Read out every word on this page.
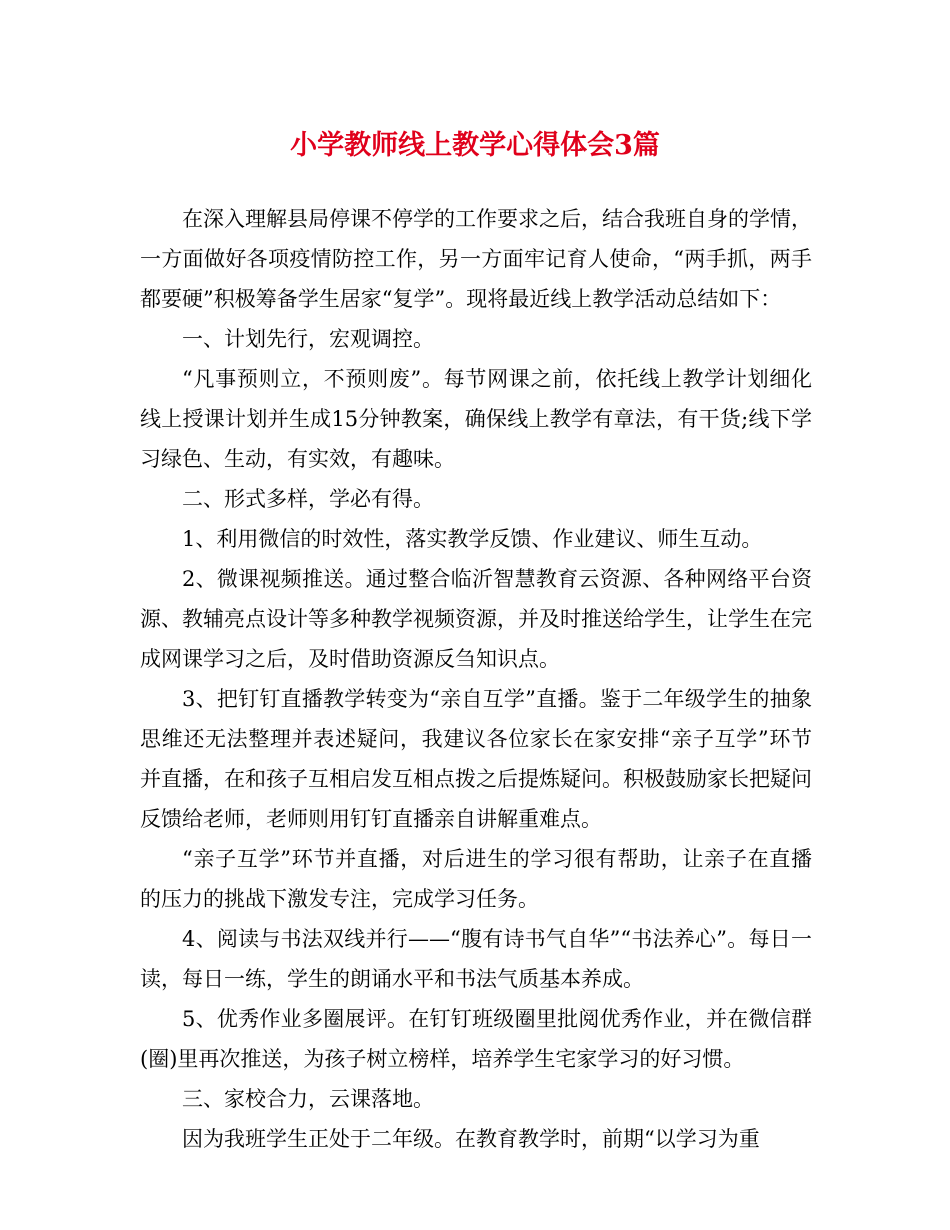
小学教师线上教学心得体会3篇

在深入理解县局停课不停学的工作要求之后，结合我班自身的学情，一方面做好各项疫情防控工作，另一方面牢记育人使命，“两手抓，两手都要硬”积极筹备学生居家“复学”。现将最近线上教学活动总结如下：

一、计划先行，宏观调控。

“凡事预则立，不预则废”。每节网课之前，依托线上教学计划细化线上授课计划并生成15分钟教案，确保线上教学有章法，有干货;线下学习绿色、生动，有实效，有趣味。

二、形式多样，学必有得。

1、利用微信的时效性，落实教学反馈、作业建议、师生互动。

2、微课视频推送。通过整合临沂智慧教育云资源、各种网络平台资源、教辅亮点设计等多种教学视频资源，并及时推送给学生，让学生在完成网课学习之后，及时借助资源反刍知识点。

3、把钉钉直播教学转变为“亲自互学”直播。鉴于二年级学生的抽象思维还无法整理并表述疑问，我建议各位家长在家安排“亲子互学”环节并直播，在和孩子互相启发互相点拨之后提炼疑问。积极鼓励家长把疑问反馈给老师，老师则用钉钉直播亲自讲解重难点。

“亲子互学”环节并直播，对后进生的学习很有帮助，让亲子在直播的压力的挑战下激发专注，完成学习任务。

4、阅读与书法双线并行——“腹有诗书气自华”“书法养心”。每日一读，每日一练，学生的朗诵水平和书法气质基本养成。

5、优秀作业多圈展评。在钉钉班级圈里批阅优秀作业，并在微信群(圈)里再次推送，为孩子树立榜样，培养学生宅家学习的好习惯。

三、家校合力，云课落地。

因为我班学生正处于二年级。在教育教学时，前期“以学习为重
